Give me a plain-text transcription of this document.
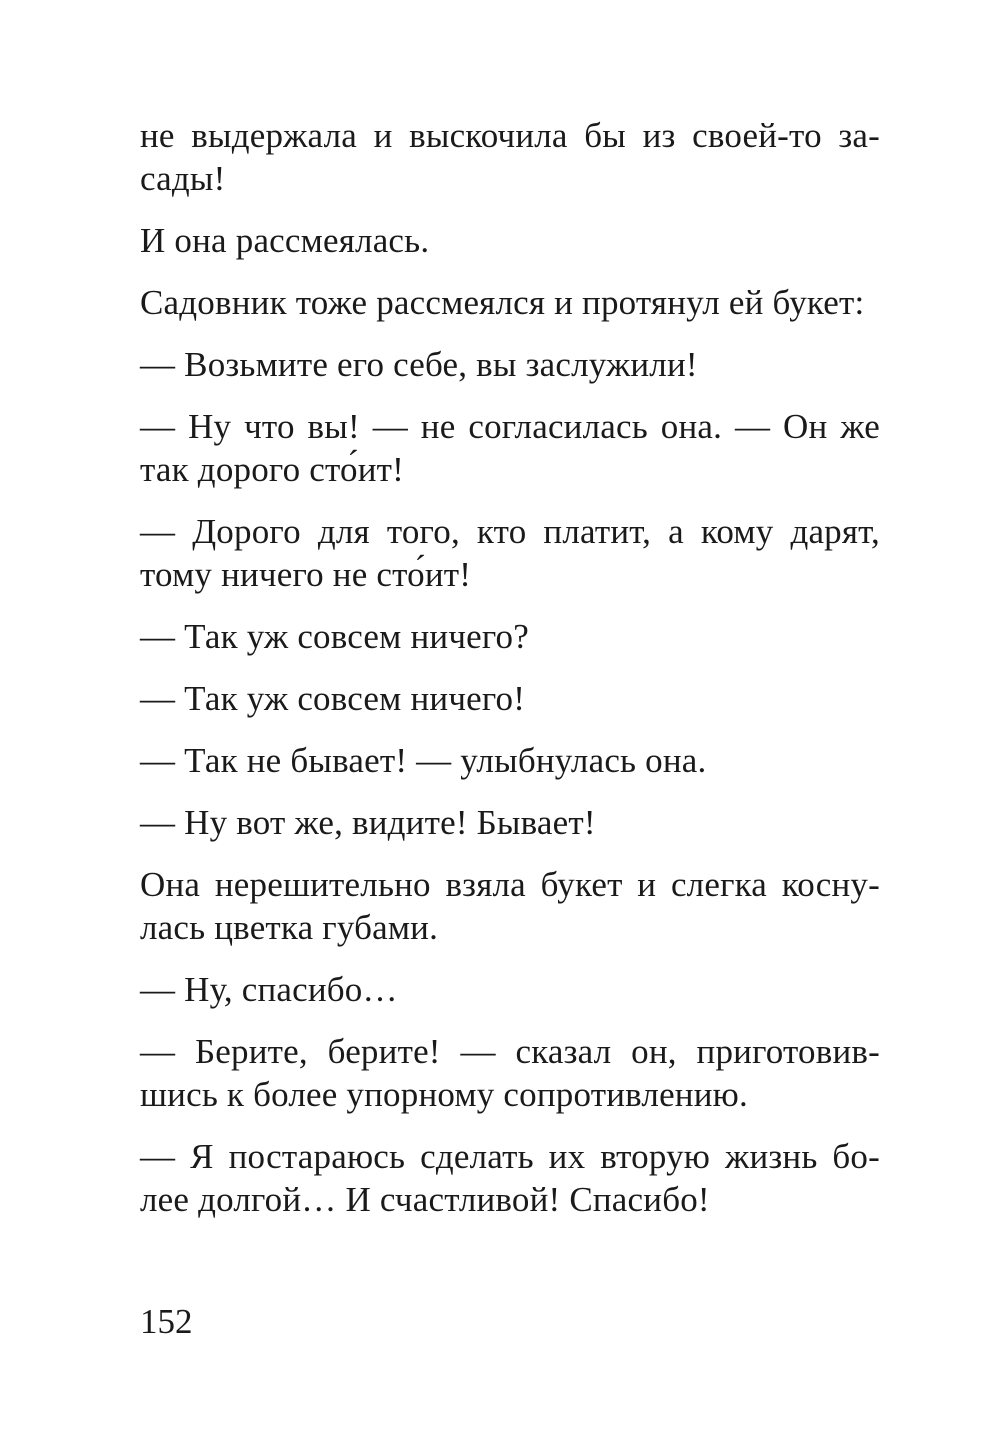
не выдержала и выскочила бы из своей-то за-
сады!

И она рассмеялась.

Садовник тоже рассмеялся и протянул ей букет:

— Возьмите его себе, вы заслужили!

— Ну что вы! — не согласилась она. — Он же
так дорого сто́ит!

— Дорого для того, кто платит, а кому дарят,
тому ничего не сто́ит!

— Так уж совсем ничего?

— Так уж совсем ничего!

— Так не бывает! — улыбнулась она.

— Ну вот же, видите! Бывает!

Она нерешительно взяла букет и слегка косну-
лась цветка губами.

— Ну, спасибо…

— Берите, берите! — сказал он, приготовив-
шись к более упорному сопротивлению.

— Я постараюсь сделать их вторую жизнь бо-
лее долгой… И счастливой! Спасибо!

152
